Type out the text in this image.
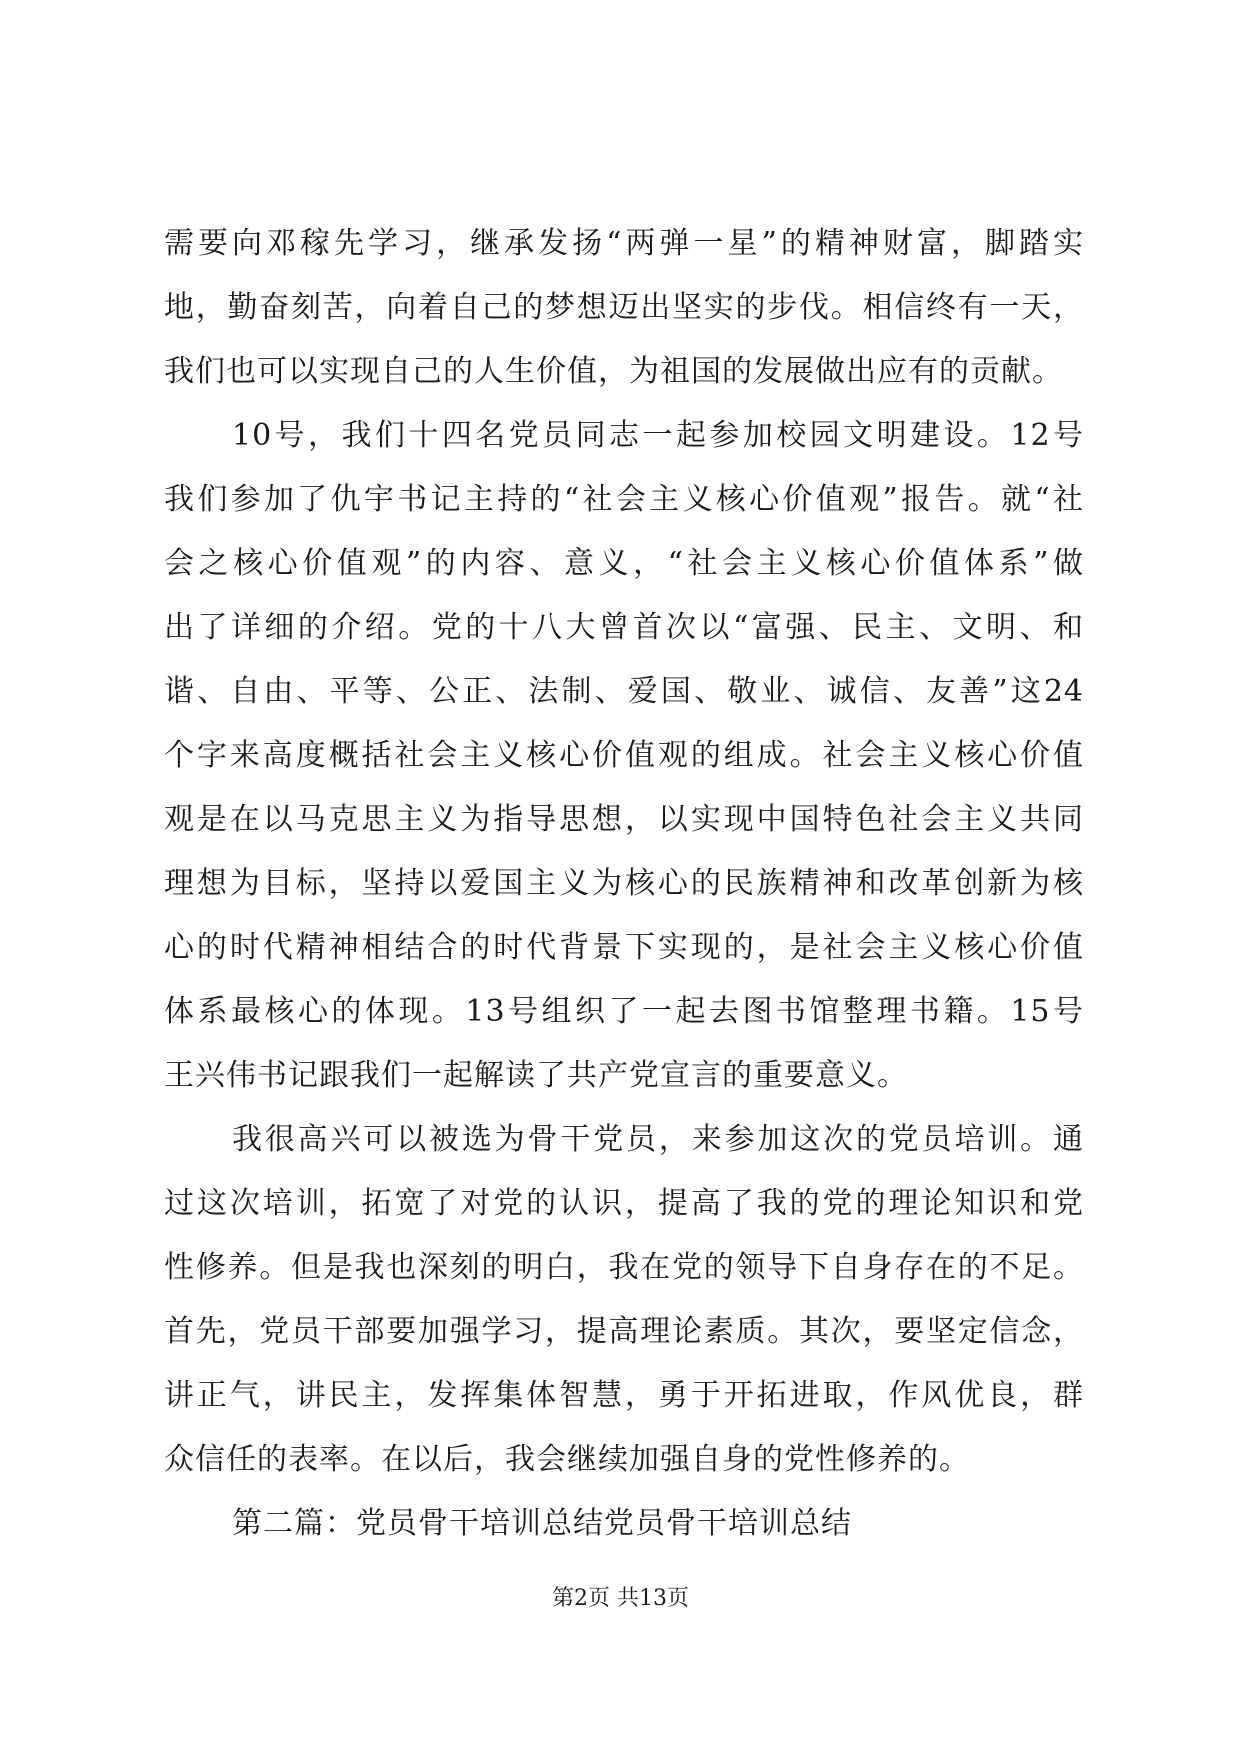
需要向邓稼先学习，继承发扬“两弹一星”的精神财富，脚踏实
地，勤奋刻苦，向着自己的梦想迈出坚实的步伐。相信终有一天，
我们也可以实现自己的人生价值，为祖国的发展做出应有的贡献。
10号，我们十四名党员同志一起参加校园文明建设。12号
我们参加了仇宇书记主持的“社会主义核心价值观”报告。就“社
会之核心价值观”的内容、意义，“社会主义核心价值体系”做
出了详细的介绍。党的十八大曾首次以“富强、民主、文明、和
谐、自由、平等、公正、法制、爱国、敬业、诚信、友善”这24
个字来高度概括社会主义核心价值观的组成。社会主义核心价值
观是在以马克思主义为指导思想，以实现中国特色社会主义共同
理想为目标，坚持以爱国主义为核心的民族精神和改革创新为核
心的时代精神相结合的时代背景下实现的，是社会主义核心价值
体系最核心的体现。13号组织了一起去图书馆整理书籍。15号
王兴伟书记跟我们一起解读了共产党宣言的重要意义。
我很高兴可以被选为骨干党员，来参加这次的党员培训。通
过这次培训，拓宽了对党的认识，提高了我的党的理论知识和党
性修养。但是我也深刻的明白，我在党的领导下自身存在的不足。
首先，党员干部要加强学习，提高理论素质。其次，要坚定信念，
讲正气，讲民主，发挥集体智慧，勇于开拓进取，作风优良，群
众信任的表率。在以后，我会继续加强自身的党性修养的。
第二篇：党员骨干培训总结党员骨干培训总结
第2页 共13页
